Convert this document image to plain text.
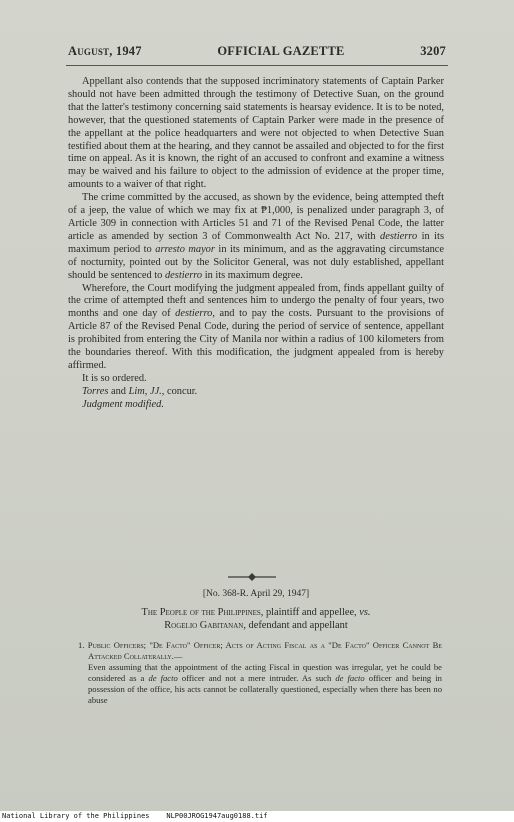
August, 1947	OFFICIAL GAZETTE	3207

Appellant also contends that the supposed incriminatory statements of Captain Parker should not have been admitted through the testimony of Detective Suan, on the ground that the latter's testimony concerning said statements is hearsay evidence. It is to be noted, however, that the questioned statements of Captain Parker were made in the presence of the appellant at the police headquarters and were not objected to when Detective Suan testified about them at the hearing, and they cannot be assailed and objected to for the first time on appeal. As it is known, the right of an accused to confront and examine a witness may be waived and his failure to object to the admission of evidence at the proper time, amounts to a waiver of that right.

The crime committed by the accused, as shown by the evidence, being attempted theft of a jeep, the value of which we may fix at ₱1,000, is penalized under paragraph 3, of Article 309 in connection with Articles 51 and 71 of the Revised Penal Code, the latter article as amended by section 3 of Commonwealth Act No. 217, with destierro in its maximum period to arresto mayor in its minimum, and as the aggravating circumstance of nocturnity, pointed out by the Solicitor General, was not duly established, appellant should be sentenced to destierro in its maximum degree.

Wherefore, the Court modifying the judgment appealed from, finds appellant guilty of the crime of attempted theft and sentences him to undergo the penalty of four years, two months and one day of destierro, and to pay the costs. Pursuant to the provisions of Article 87 of the Revised Penal Code, during the period of service of sentence, appellant is prohibited from entering the City of Manila nor within a radius of 100 kilometers from the boundaries thereof. With this modification, the judgment appealed from is hereby affirmed.

It is so ordered.

Torres and Lim, JJ., concur.

Judgment modified.

[No. 368-R. April 29, 1947]
The People of the Philippines, plaintiff and appellee, vs.
Rogelio Gabitanan, defendant and appellant
1. Public Officers; "De Facto" Officer; Acts of Acting Fiscal as a "De Facto" Officer Cannot Be Attacked Collaterally.—
Even assuming that the appointment of the acting Fiscal in question was irregular, yet he could be considered as a de facto officer and not a mere intruder. As such de facto officer and being in possession of the office, his acts cannot be collaterally questioned, especially when there has been no abuse
National Library of the Philippines NLP00JROG1947aug0188.tif
